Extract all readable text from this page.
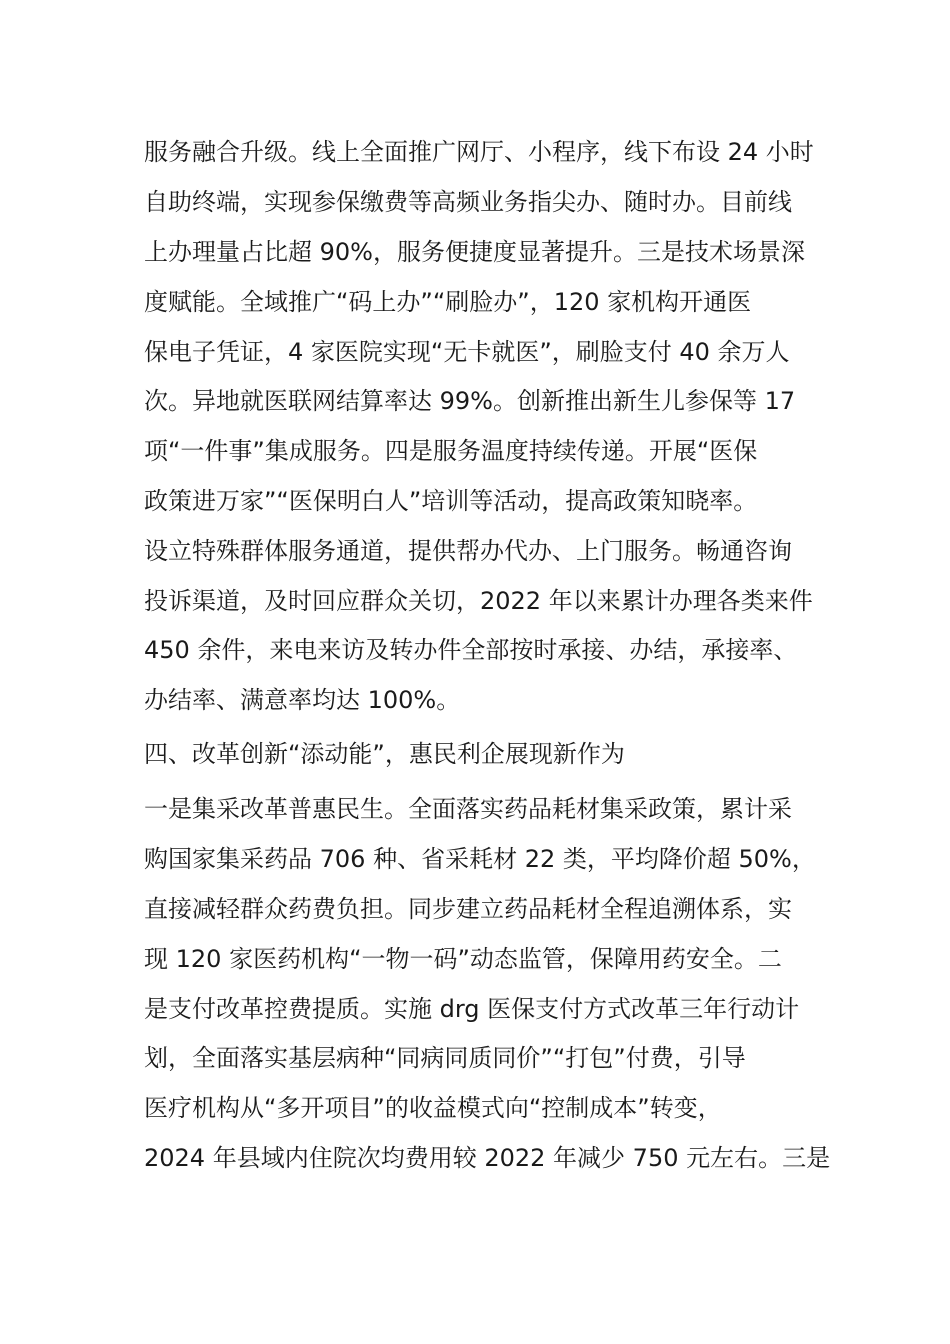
服务融合升级。线上全面推广网厅、小程序，线下布设 24 小时
自助终端，实现参保缴费等高频业务指尖办、随时办。目前线
上办理量占比超 90%，服务便捷度显著提升。三是技术场景深
度赋能。全域推广“码上办”“刷脸办”，120 家机构开通医
保电子凭证，4 家医院实现“无卡就医”，刷脸支付 40 余万人
次。异地就医联网结算率达 99%。创新推出新生儿参保等 17
项“一件事”集成服务。四是服务温度持续传递。开展“医保
政策进万家”“医保明白人”培训等活动，提高政策知晓率。
设立特殊群体服务通道，提供帮办代办、上门服务。畅通咨询
投诉渠道，及时回应群众关切，2022 年以来累计办理各类来件
450 余件，来电来访及转办件全部按时承接、办结，承接率、
办结率、满意率均达 100%。
四、改革创新“添动能”，惠民利企展现新作为
一是集采改革普惠民生。全面落实药品耗材集采政策，累计采
购国家集采药品 706 种、省采耗材 22 类，平均降价超 50%，
直接减轻群众药费负担。同步建立药品耗材全程追溯体系，实
现 120 家医药机构“一物一码”动态监管，保障用药安全。二
是支付改革控费提质。实施 drg 医保支付方式改革三年行动计
划，全面落实基层病种“同病同质同价”“打包”付费，引导
医疗机构从“多开项目”的收益模式向“控制成本”转变，
2024 年县域内住院次均费用较 2022 年减少 750 元左右。三是
